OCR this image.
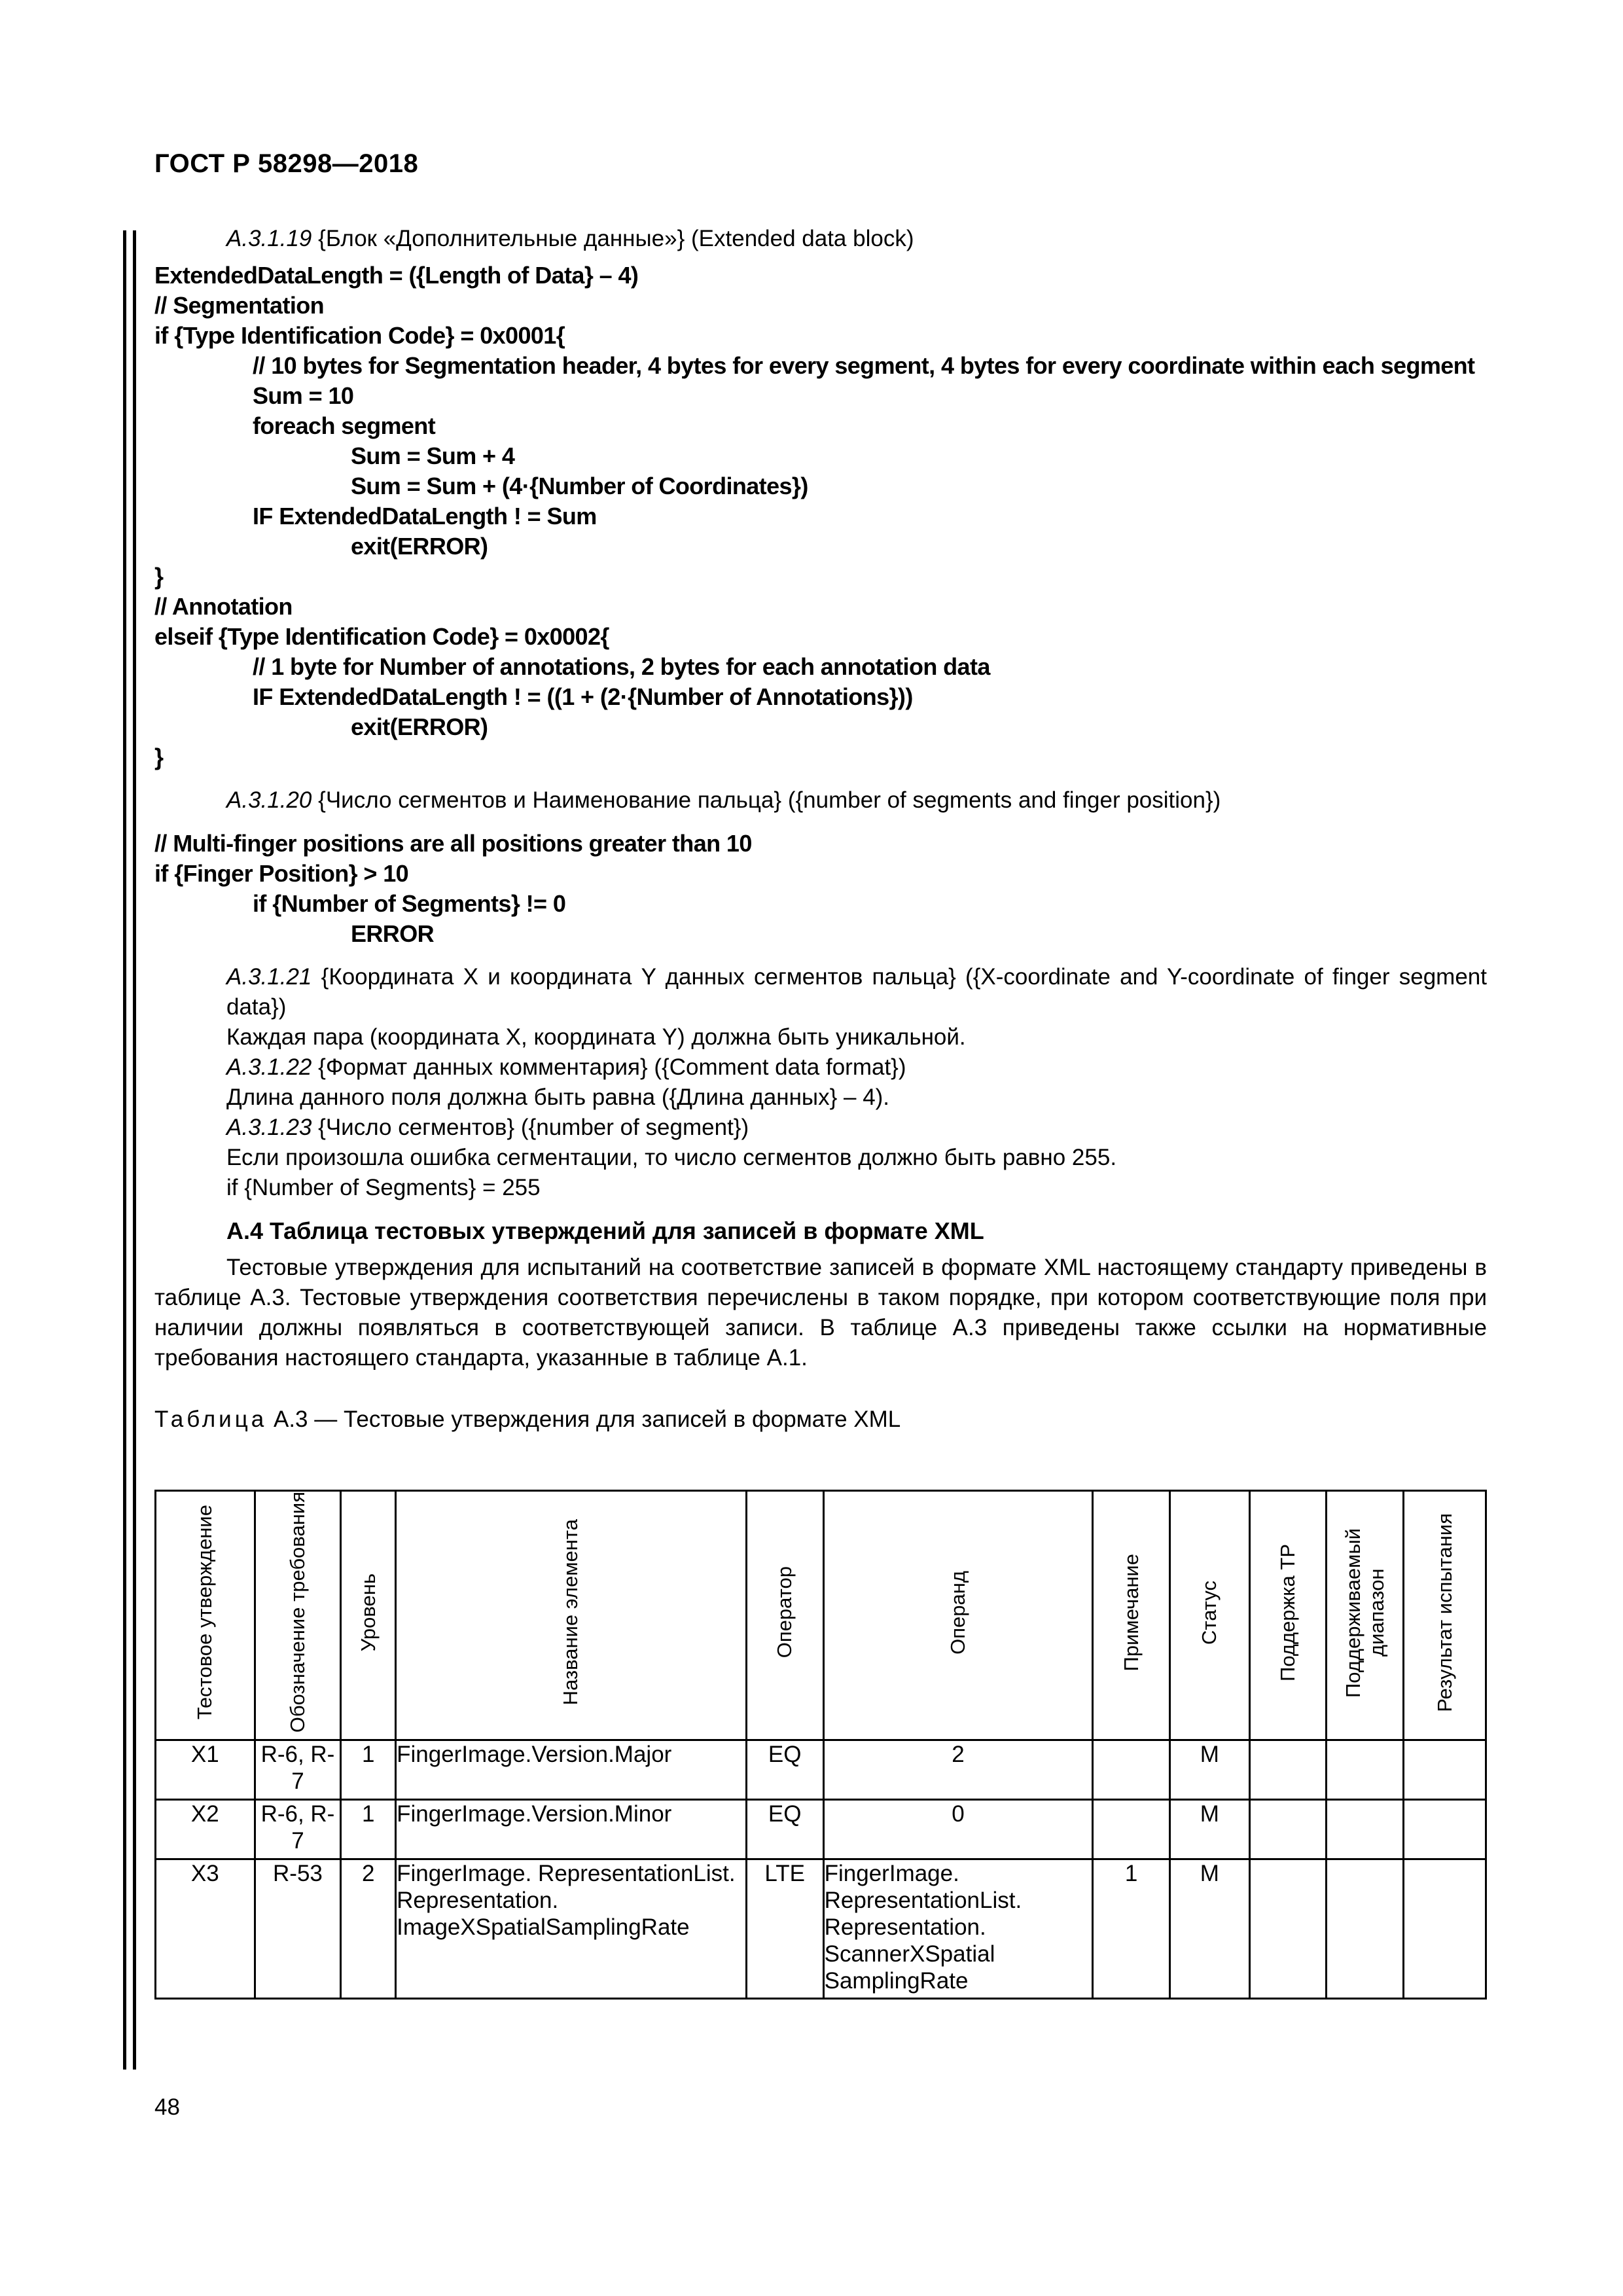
ГОСТ Р 58298—2018

А.3.1.19 {Блок «Дополнительные данные»} (Extended data block)

ExtendedDataLength = ({Length of Data} – 4)

// Segmentation

if {Type Identification Code} = 0x0001{

// 10 bytes for Segmentation header, 4 bytes for every segment, 4 bytes for every coordinate within each segment

Sum = 10

foreach segment

Sum = Sum + 4

Sum = Sum + (4·{Number of Coordinates})

IF ExtendedDataLength ! = Sum

exit(ERROR)

}

// Annotation

elseif {Type Identification Code} = 0x0002{

// 1 byte for Number of annotations, 2 bytes for each annotation data

IF ExtendedDataLength ! = ((1 + (2·{Number of Annotations}))

exit(ERROR)

}

А.3.1.20 {Число сегментов и Наименование пальца} ({number of segments and finger position})

// Multi-finger positions are all positions greater than 10

if {Finger Position} > 10

if {Number of Segments} != 0

ERROR

А.3.1.21 {Координата X и координата Y данных сегментов пальца} ({X-coordinate and Y-coordinate of finger segment data})

Каждая пара (координата X, координата Y) должна быть уникальной.

А.3.1.22 {Формат данных комментария} ({Comment data format})

Длина данного поля должна быть равна ({Длина данных} – 4).

А.3.1.23 {Число сегментов} ({number of segment})

Если произошла ошибка сегментации, то число сегментов должно быть равно 255.

if {Number of Segments} = 255

А.4 Таблица тестовых утверждений для записей в формате XML

Тестовые утверждения для испытаний на соответствие записей в формате XML настоящему стандарту приведены в таблице А.3. Тестовые утверждения соответствия перечислены в таком порядке, при котором соответствующие поля при наличии должны появляться в соответствующей записи. В таблице А.3 приведены также ссылки на нормативные требования настоящего стандарта, указанные в таблице А.1.

Таблица А.3 — Тестовые утверждения для записей в формате XML

Тестовое утверждение	Обозначение требования	Уровень	Название элемента	Оператор	Операнд	Примечание	Статус	Поддержка ТР	Поддерживаемый диапазон	Результат испытания
X1	R-6, R-7	1	FingerImage.Version.Major	EQ	2		M			
X2	R-6, R-7	1	FingerImage.Version.Minor	EQ	0		M			
X3	R-53	2	FingerImage. RepresentationList. Representation. ImageXSpatialSamplingRate	LTE	FingerImage. RepresentationList. Representation. ScannerXSpatial SamplingRate	1	M			
48
